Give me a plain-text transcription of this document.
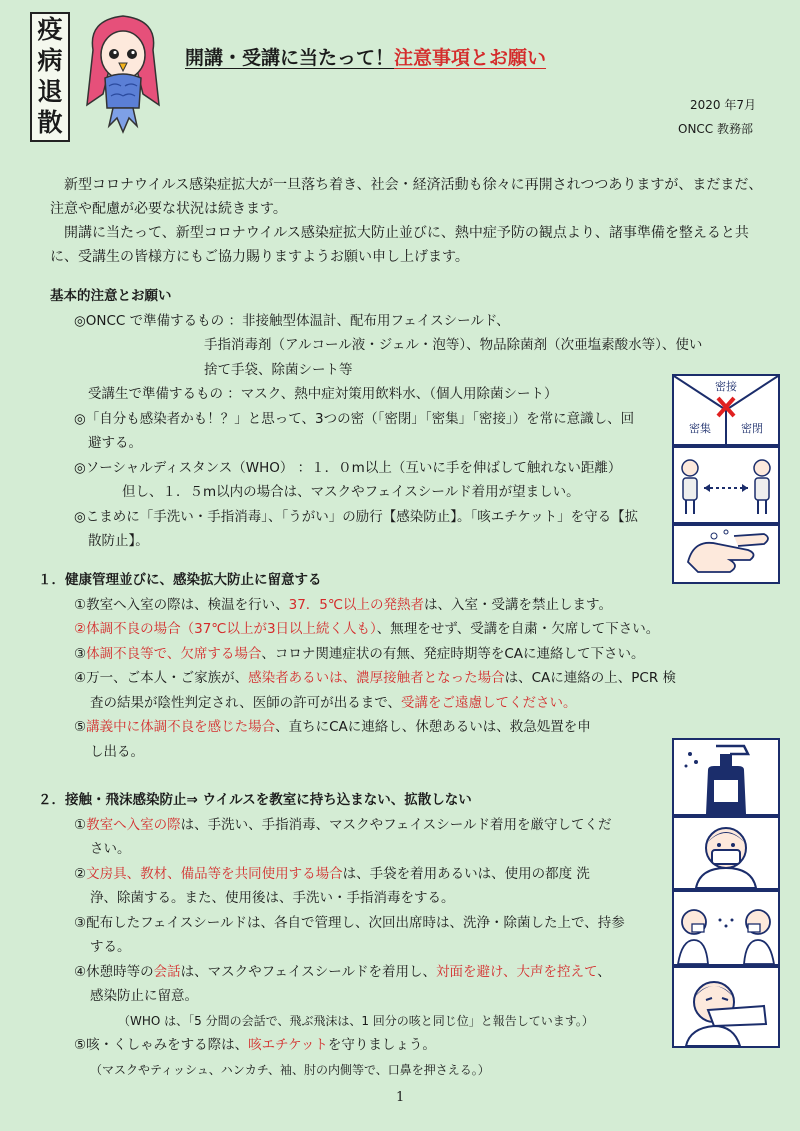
疫
病
退
散
開講・受講に当たって！注意事項とお願い
2020 年7月
ONCC 教務部

新型コロナウイルス感染症拡大が一旦落ち着き、社会・経済活動も徐々に再開されつつありますが、まだまだ、注意や配慮が必要な状況は続きます。

開講に当たって、新型コロナウイルス感染症拡大防止並びに、熱中症予防の観点より、諸事準備を整えると共に、受講生の皆様方にもご協力賜りますようお願い申し上げます。

基本的注意とお願い
◎ONCC で準備するもの ：非接触型体温計、配布用フェイスシールド、
手指消毒剤（アルコール液・ジェル・泡等）、物品除菌剤（次亜塩素酸水等）、使い
捨て手袋、除菌シート等
受講生で準備するもの ：マスク、熱中症対策用飲料水、（個人用除菌シート）
◎「自分も感染者かも！？」と思って、3つの密（「密閉」「密集」「密接」）を常に意識し、回
避する。
◎ソーシャルディスタンス（WHO） ：１．０m以上（互いに手を伸ばして触れない距離）
但し、１．５m以内の場合は、マスクやフェイスシールド着用が望ましい。
◎こまめに「手洗い・手指消毒」、「うがい」の励行【感染防止】。「咳エチケット」を守る【拡
散防止】。
１．健康管理並びに、感染拡大防止に留意する
①教室へ入室の際は、検温を行い、37．5℃以上の発熱者は、入室・受講を禁止します。
②体調不良の場合（37℃以上が3日以上続く人も）、無理をせず、受講を自粛・欠席して下さい。
③体調不良等で、欠席する場合、コロナ関連症状の有無、発症時期等をCAに連絡して下さい。
④万一、ご本人・ご家族が、感染者あるいは、濃厚接触者となった場合は、CAに連絡の上、PCR 検
査の結果が陰性判定され、医師の許可が出るまで、受講をご遠慮してください。
⑤講義中に体調不良を感じた場合、直ちにCAに連絡し、休憩あるいは、救急処置を申
し出る。
２．接触・飛沫感染防止⇒ ウイルスを教室に持ち込まない、拡散しない
①教室へ入室の際は、手洗い、手指消毒、マスクやフェイスシールド着用を厳守してくだ
さい。
②文房具、教材、備品等を共同使用する場合は、手袋を着用あるいは、使用の都度 洗
浄、除菌する。また、使用後は、手洗い・手指消毒をする。
③配布したフェイスシールドは、各自で管理し、次回出席時は、洗浄・除菌した上で、持参
する。
④休憩時等の会話は、マスクやフェイスシールドを着用し、対面を避け、大声を控えて、
感染防止に留意。
（WHO は、「5 分間の会話で、飛ぶ飛沫は、1 回分の咳と同じ位」と報告しています。）
⑤咳・くしゃみをする際は、咳エチケットを守りましょう。
（マスクやティッシュ、ハンカチ、袖、肘の内側等で、口鼻を押さえる。）
密接
密集	密閉
1
